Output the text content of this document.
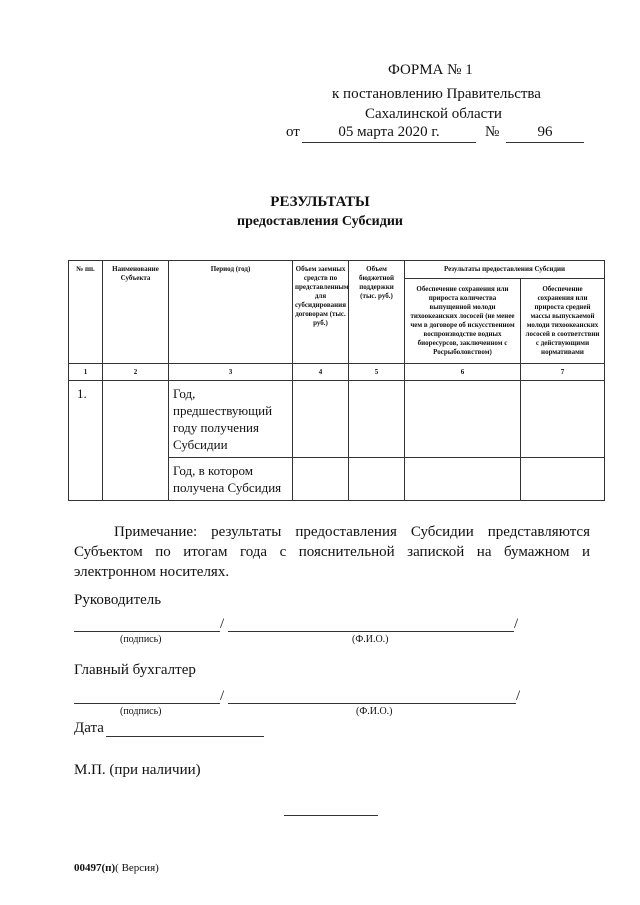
ФОРМА № 1
к постановлению Правительства
Сахалинской области
от	05 марта 2020 г.	№	96
РЕЗУЛЬТАТЫ
предоставления Субсидии
№ пп.	Наименование Субъекта	Период (год)	Объем заемных средств по представленным для субсидирования договорам (тыс. руб.)	Объем бюджетной поддержки (тыс. руб.)	Результаты предоставления Субсидии	
					Обеспечение сохранения или прироста количества выпущенной молоди тихоокеанских лососей (не менее чем в договоре об искусственном воспроизводстве водных биоресурсов, заключенном с Росрыболовством)	Обеспечение сохранения или прироста средней массы выпускаемой молоди тихоокеанских лососей в соответствии с действующими нормативами
1	2	3	4	5	6	7

1.		Год, предшествующий году получения Субсидии				

		Год, в котором получена Субсидия				

Примечание: результаты предоставления Субсидии представляются Субъектом по итогам года с пояснительной запиской на бумажном и электронном носителях.
Руководитель
/	/
(подпись)	(Ф.И.О.)
Главный бухгалтер
/	/
(подпись)	(Ф.И.О.)
Дата
М.П. (при наличии)
00497(п)( Версия)
